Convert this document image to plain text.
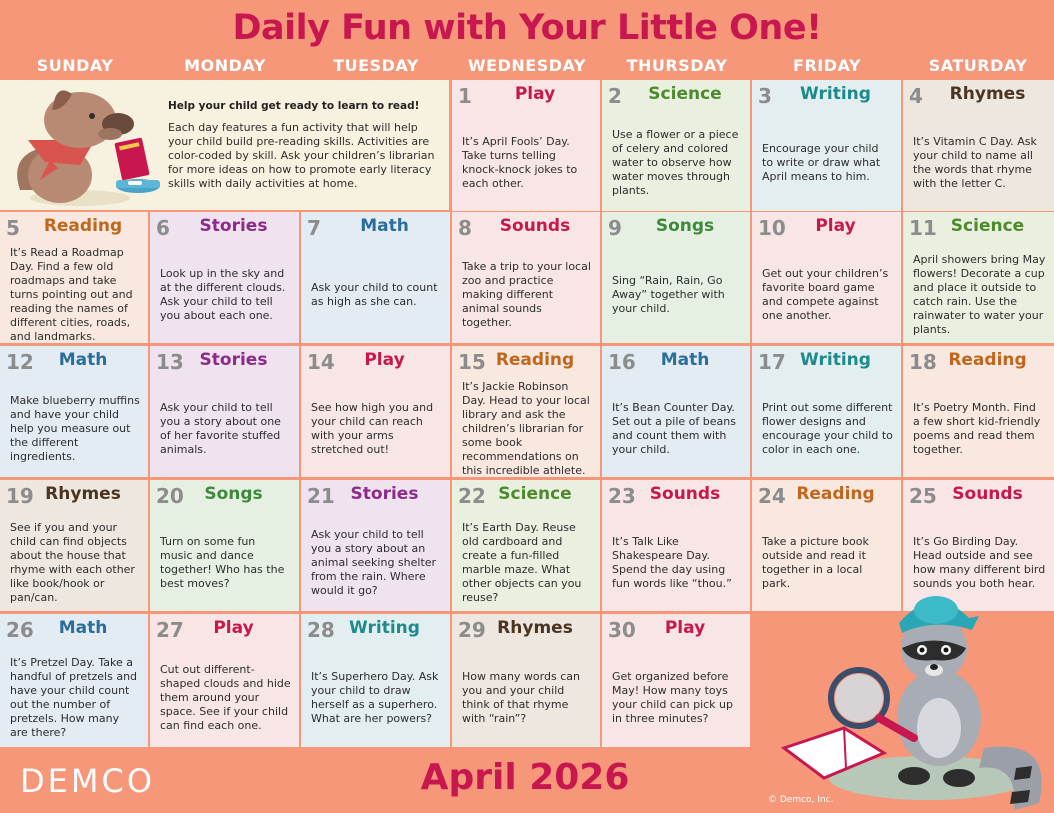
Daily Fun with Your Little One!
SUNDAY	MONDAY	TUESDAY	WEDNESDAY	THURSDAY	FRIDAY	SATURDAY
Help your child get ready to learn to read!
Each day features a fun activity that will help your child build pre-reading skills. Activities are color-coded by skill. Ask your children’s librarian for more ideas on how to promote early literacy skills with daily activities at home.
1	Play
It’s April Fools’ Day. Take turns telling knock-knock jokes to each other.
2	Science
Use a flower or a piece of celery and colored water to observe how water moves through plants.
3	Writing
Encourage your child to write or draw what April means to him.
4	Rhymes
It’s Vitamin C Day. Ask your child to name all the words that rhyme with the letter C.
5	Reading
It’s Read a Roadmap Day. Find a few old roadmaps and take turns pointing out and reading the names of different cities, roads, and landmarks.
6	Stories
Look up in the sky and at the different clouds. Ask your child to tell you about each one.
7	Math
Ask your child to count as high as she can.
8	Sounds
Take a trip to your local zoo and practice making different animal sounds together.
9	Songs
Sing “Rain, Rain, Go Away” together with your child.
10	Play
Get out your children’s favorite board game and compete against one another.
11 Science
April showers bring May flowers! Decorate a cup and place it outside to catch rain. Use the rainwater to water your plants.
12	Math
Make blueberry muffins and have your child help you measure out the different ingredients.
13 Stories
Ask your child to tell you a story about one of her favorite stuffed animals.
14	Play
See how high you and your child can reach with your arms stretched out!
15 Reading
It’s Jackie Robinson Day. Head to your local library and ask the children’s librarian for some book recommendations on this incredible athlete.
16	Math
It’s Bean Counter Day. Set out a pile of beans and count them with your child.
17 Writing
Print out some different flower designs and encourage your child to color in each one.
18 Reading
It’s Poetry Month. Find a few short kid-friendly poems and read them together.
19 Rhymes
See if you and your child can find objects about the house that rhyme with each other like book/hook or pan/can.
20	Songs
Turn on some fun music and dance together! Who has the best moves?
21 Stories
Ask your child to tell you a story about an animal seeking shelter from the rain. Where would it go?
22 Science
It’s Earth Day. Reuse old cardboard and create a fun-filled marble maze. What other objects can you reuse?
23 Sounds
It’s Talk Like Shakespeare Day. Spend the day using fun words like “thou.”
24 Reading
Take a picture book outside and read it together in a local park.
25 Sounds
It’s Go Birding Day. Head outside and see how many different bird sounds you both hear.
26	Math
It’s Pretzel Day. Take a handful of pretzels and have your child count out the number of pretzels. How many are there?
27	Play
Cut out different-shaped clouds and hide them around your space. See if your child can find each one.
28 Writing
It’s Superhero Day. Ask your child to draw herself as a superhero. What are her powers?
29 Rhymes
How many words can you and your child think of that rhyme with “rain”?
30	Play
Get organized before May! How many toys your child can pick up in three minutes?
DEMCO	April 2026
© Demco, Inc.
